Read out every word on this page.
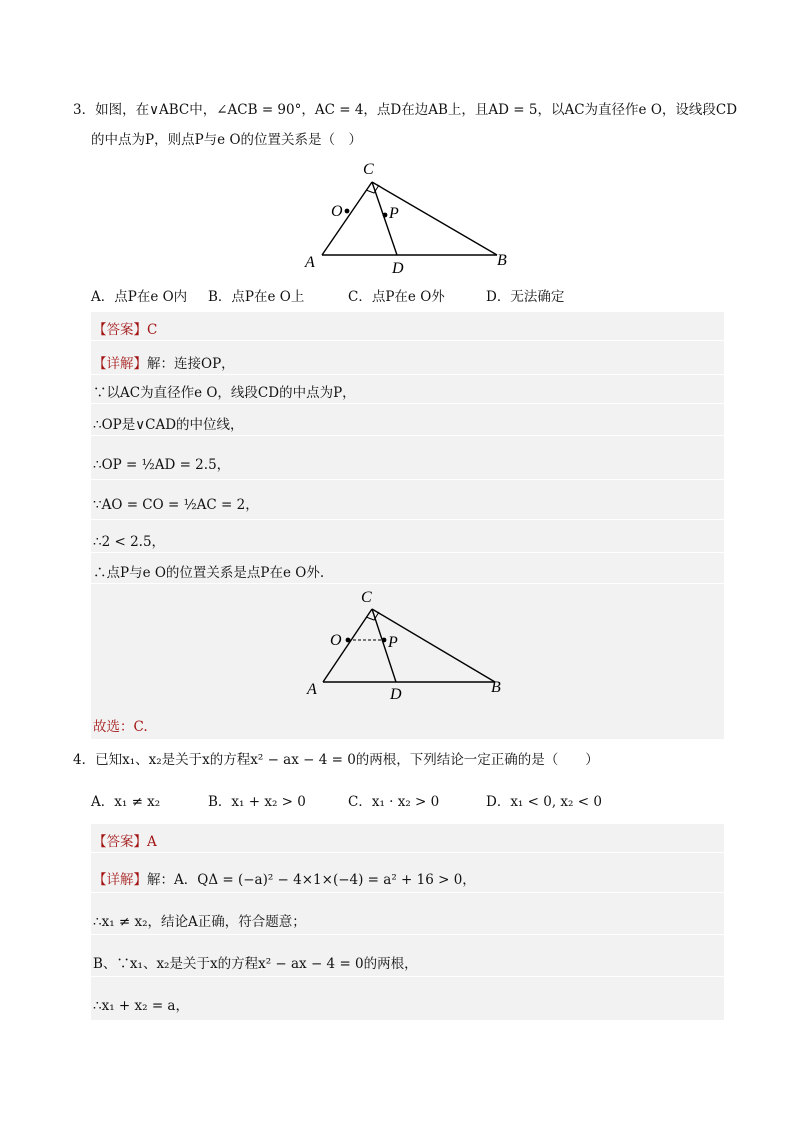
3．如图，在∨ABC中，∠ACB = 90°，AC = 4，点D在边AB上，且AD = 5，以AC为直径作e O，设线段CD
的中点为P，则点P与e O的位置关系是（　）
C
O	P
A	D	B
A．点P在e O内 B．点P在e O上	C．点P在e O外	D．无法确定
【答案】C
【详解】解：连接OP，
∵以AC为直径作e O，线段CD的中点为P，
∴OP是∨CAD的中位线，
∴OP = ½AD = 2.5，
∵AO = CO = ½AC = 2，
∴2 < 2.5，
∴点P与e O的位置关系是点P在e O外.
C
O	P
A	D	B
故选：C.
4．已知x₁、x₂是关于x的方程x² − ax − 4 = 0的两根，下列结论一定正确的是（　　）
A．x₁ ≠ x₂	B．x₁ + x₂ > 0	C．x₁ · x₂ > 0	D．x₁ < 0, x₂ < 0
【答案】A
【详解】解：A．QΔ = (−a)² − 4×1×(−4) = a² + 16 > 0，
∴x₁ ≠ x₂，结论A正确，符合题意；
B、∵x₁、x₂是关于x的方程x² − ax − 4 = 0的两根，
∴x₁ + x₂ = a，
